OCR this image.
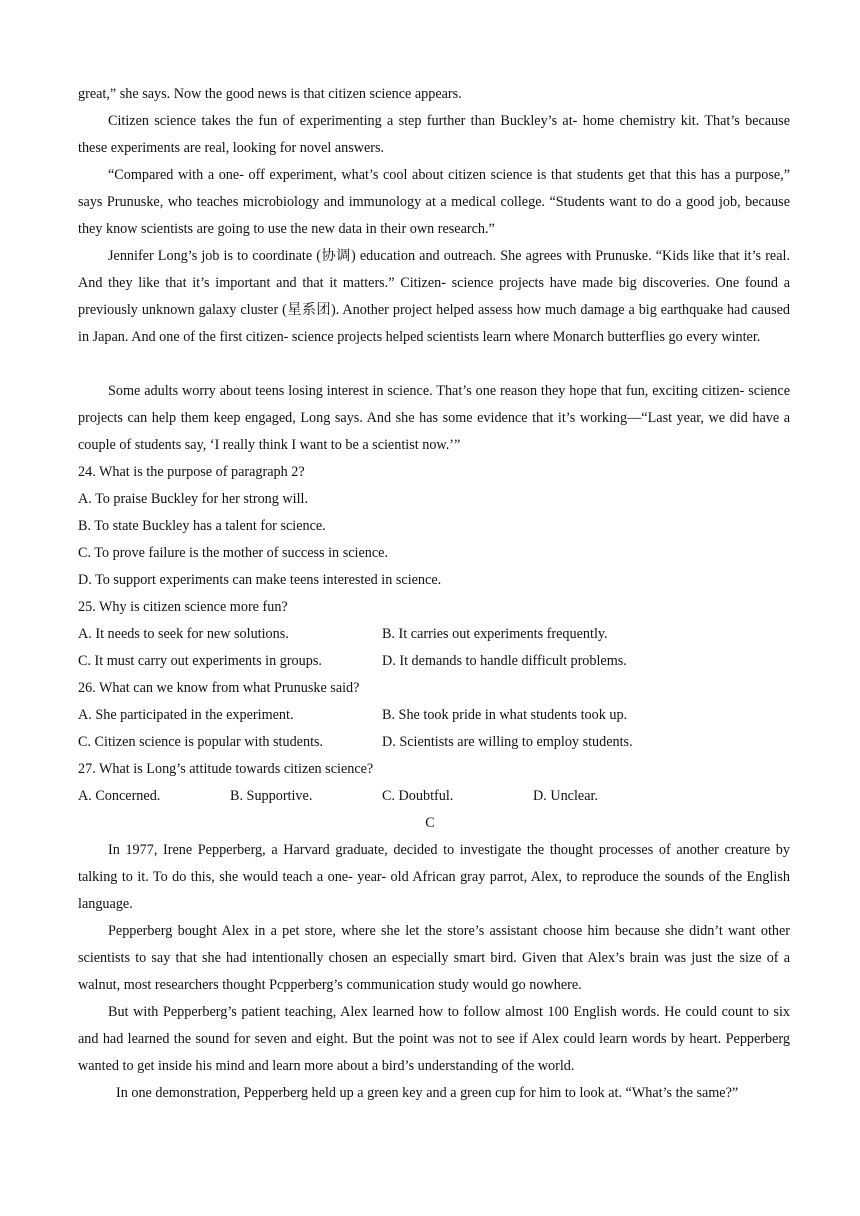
great,” she says. Now the good news is that citizen science appears.

Citizen science takes the fun of experimenting a step further than Buckley’s at- home chemistry kit. That’s because these experiments are real, looking for novel answers.

“Compared with a one- off experiment, what’s cool about citizen science is that students get that this has a purpose,” says Prunuske, who teaches microbiology and immunology at a medical college. “Students want to do a good job, because they know scientists are going to use the new data in their own research.”

Jennifer Long’s job is to coordinate (协调) education and outreach. She agrees with Prunuske. “Kids like that it’s real. And they like that it’s important and that it matters.” Citizen- science projects have made big discoveries. One found a previously unknown galaxy cluster (星系团). Another project helped assess how much damage a big earthquake had caused in Japan. And one of the first citizen- science projects helped scientists learn where Monarch butterflies go every winter.

Some adults worry about teens losing interest in science. That’s one reason they hope that fun, exciting citizen- science projects can help them keep engaged, Long says. And she has some evidence that it’s working—“Last year, we did have a couple of students say, ‘I really think I want to be a scientist now.’”

24. What is the purpose of paragraph 2?
A. To praise Buckley for her strong will.
B. To state Buckley has a talent for science.
C. To prove failure is the mother of success in science.
D. To support experiments can make teens interested in science.
25. Why is citizen science more fun?
A. It needs to seek for new solutions.	B. It carries out experiments frequently.
C. It must carry out experiments in groups.	D. It demands to handle difficult problems.
26. What can we know from what Prunuske said?
A. She participated in the experiment.	B. She took pride in what students took up.
C. Citizen science is popular with students.	D. Scientists are willing to employ students.
27. What is Long’s attitude towards citizen science?
A. Concerned.	B. Supportive.	C. Doubtful.	D. Unclear.
C

In 1977, Irene Pepperberg, a Harvard graduate, decided to investigate the thought processes of another creature by talking to it. To do this, she would teach a one- year- old African gray parrot, Alex, to reproduce the sounds of the English language.

Pepperberg bought Alex in a pet store, where she let the store’s assistant choose him because she didn’t want other scientists to say that she had intentionally chosen an especially smart bird. Given that Alex’s brain was just the size of a walnut, most researchers thought Pcpperberg’s communication study would go nowhere.

But with Pepperberg’s patient teaching, Alex learned how to follow almost 100 English words. He could count to six and had learned the sound for seven and eight. But the point was not to see if Alex could learn words by heart. Pepperberg wanted to get inside his mind and learn more about a bird’s understanding of the world.

In one demonstration, Pepperberg held up a green key and a green cup for him to look at. “What’s the same?”
